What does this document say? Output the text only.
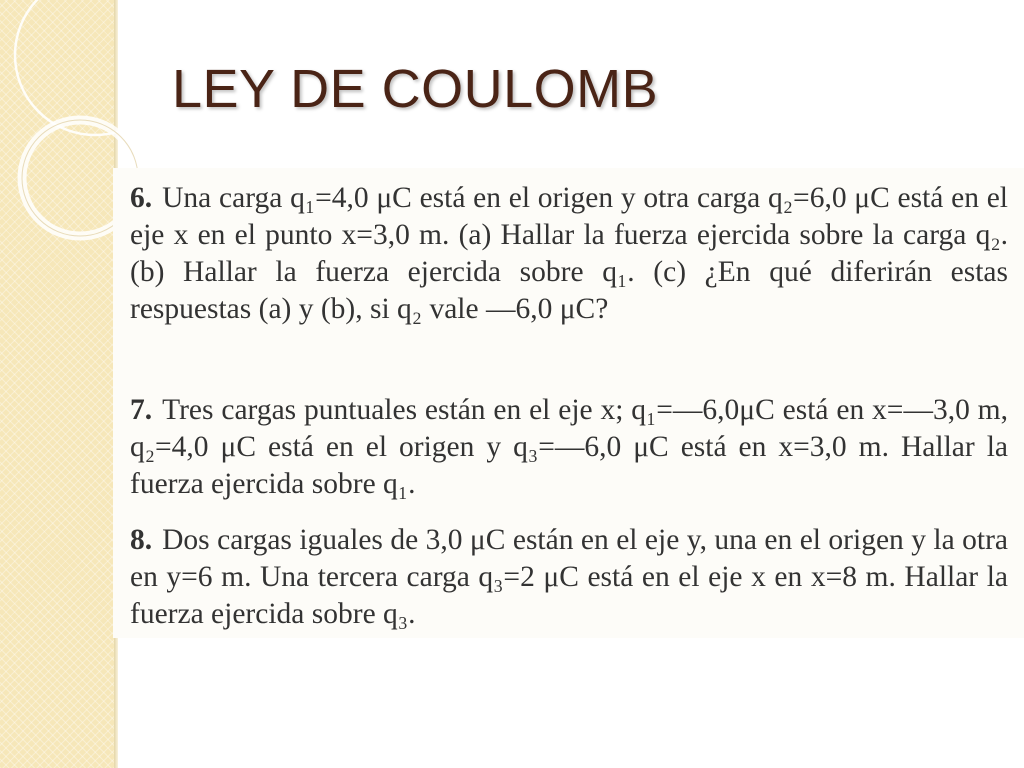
LEY DE COULOMB

6. Una carga q₁=4,0 μC está en el origen y otra carga q₂=6,0 μC está en el eje x en el punto x=3,0 m. (a) Hallar la fuerza ejercida sobre la carga q₂. (b) Hallar la fuerza ejercida sobre q₁. (c) ¿En qué diferirán estas respuestas (a) y (b), si q₂ vale —6,0 μC?

7. Tres cargas puntuales están en el eje x; q₁=—6,0μC está en x=—3,0 m, q₂=4,0 μC está en el origen y q₃=—6,0 μC está en x=3,0 m. Hallar la fuerza ejercida sobre q₁.

8. Dos cargas iguales de 3,0 μC están en el eje y, una en el origen y la otra en y=6 m. Una tercera carga q₃=2 μC está en el eje x en x=8 m. Hallar la fuerza ejercida sobre q₃.
